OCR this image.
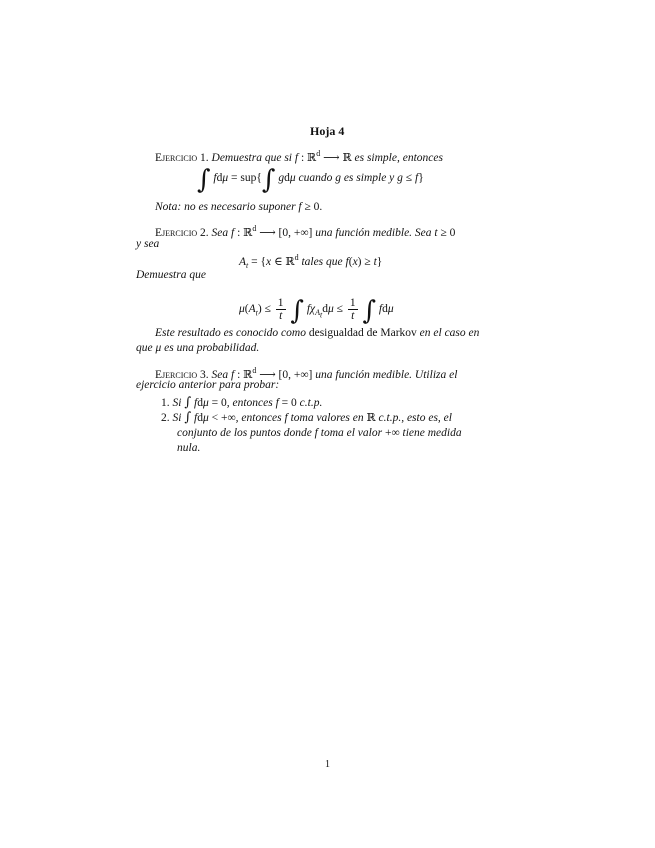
Hoja 4
Ejercicio 1. Demuestra que si f : ℝ$^d$ ⟶ ℝ es simple, entonces
∫ fdμ = sup{∫ gdμ cuando g es simple y g ≤ f}
Nota: no es necesario suponer f ≥ 0.
Ejercicio 2. Sea f : ℝ$^d$ ⟶ [0, +∞] una función medible. Sea t ≥ 0
y sea
$A_t = \{x$ ∈ ℝ$^d$ tales que f(x) ≥ t}
Demuestra que
$\mu(A_t) \le \frac{1}{t}$ ∫ $f\chi_{A_t}d\mu \le \frac{1}{t}$ ∫ fdμ
Este resultado es conocido como desigualdad de Markov en el caso en
que μ es una probabilidad.
Ejercicio 3. Sea f : ℝ$^d$ ⟶ [0, +∞] una función medible. Utiliza el
ejercicio anterior para probar:
1. Si ∫ fdμ = 0, entonces f = 0 c.t.p.
2. Si ∫ fdμ < +∞, entonces f toma valores en ℝ c.t.p., esto es, el
conjunto de los puntos donde f toma el valor +∞ tiene medida
nula.
1
